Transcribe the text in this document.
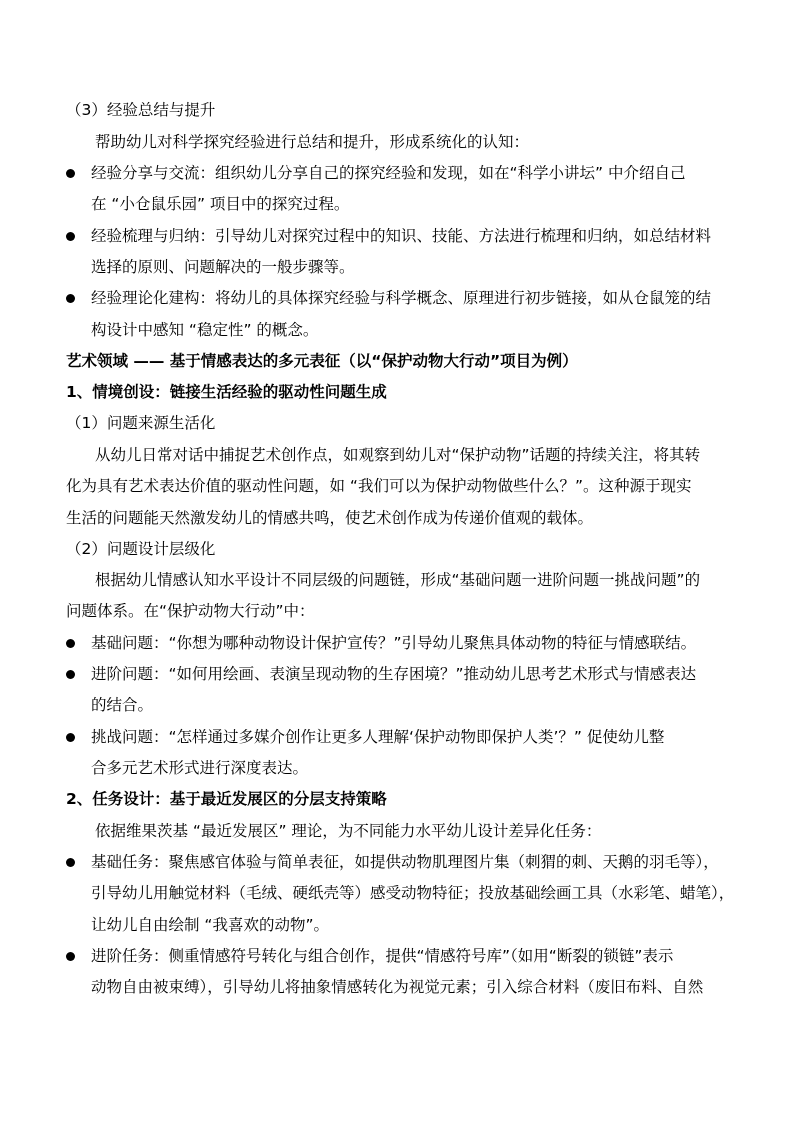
（3）经验总结与提升
帮助幼儿对科学探究经验进行总结和提升，形成系统化的认知：
经验分享与交流：组织幼儿分享自己的探究经验和发现，如在“科学小讲坛” 中介绍自己
在 “小仓鼠乐园” 项目中的探究过程。
经验梳理与归纳：引导幼儿对探究过程中的知识、技能、方法进行梳理和归纳，如总结材料
选择的原则、问题解决的一般步骤等。
经验理论化建构：将幼儿的具体探究经验与科学概念、原理进行初步链接，如从仓鼠笼的结
构设计中感知 “稳定性” 的概念。
艺术领域 —— 基于情感表达的多元表征（以“保护动物大行动”项目为例）
1、情境创设：链接生活经验的驱动性问题生成
（1）问题来源生活化
从幼儿日常对话中捕捉艺术创作点，如观察到幼儿对“保护动物”话题的持续关注，将其转
化为具有艺术表达价值的驱动性问题，如 “我们可以为保护动物做些什么？”。这种源于现实
生活的问题能天然激发幼儿的情感共鸣，使艺术创作成为传递价值观的载体。
（2）问题设计层级化
根据幼儿情感认知水平设计不同层级的问题链，形成“基础问题一进阶问题一挑战问题”的
问题体系。在“保护动物大行动”中：
基础问题：“你想为哪种动物设计保护宣传？”引导幼儿聚焦具体动物的特征与情感联结。
进阶问题：“如何用绘画、表演呈现动物的生存困境？”推动幼儿思考艺术形式与情感表达
的结合。
挑战问题：“怎样通过多媒介创作让更多人理解‘保护动物即保护人类’？” 促使幼儿整
合多元艺术形式进行深度表达。
2、任务设计：基于最近发展区的分层支持策略
依据维果茨基 “最近发展区” 理论，为不同能力水平幼儿设计差异化任务：
基础任务：聚焦感官体验与简单表征，如提供动物肌理图片集（刺猬的刺、天鹅的羽毛等），
引导幼儿用触觉材料（毛绒、硬纸壳等）感受动物特征；投放基础绘画工具（水彩笔、蜡笔），
让幼儿自由绘制 “我喜欢的动物”。
进阶任务：侧重情感符号转化与组合创作，提供“情感符号库”（如用“断裂的锁链”表示
动物自由被束缚），引导幼儿将抽象情感转化为视觉元素；引入综合材料（废旧布料、自然
